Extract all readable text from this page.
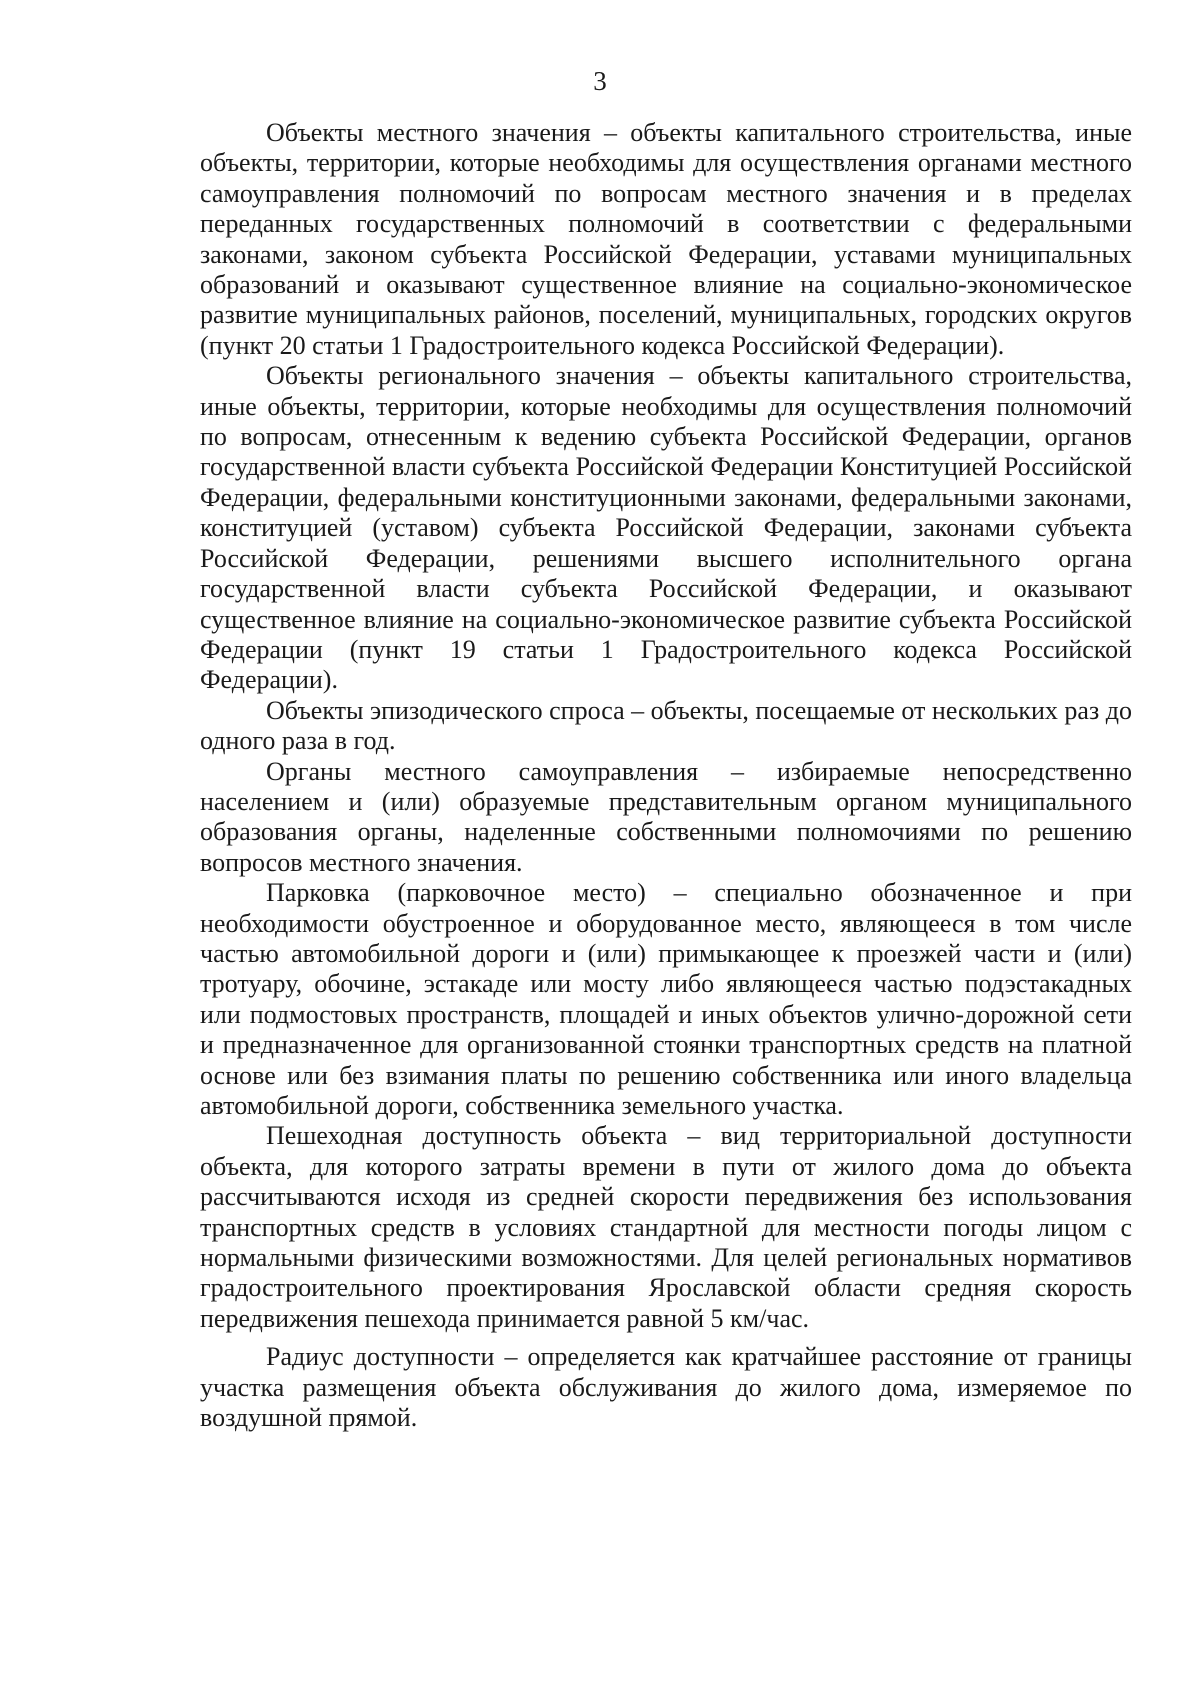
3

Объекты местного значения – объекты капитального строительства, иные объекты, территории, которые необходимы для осуществления органами местного самоуправления полномочий по вопросам местного значения и в пределах переданных государственных полномочий в соответствии с федеральными законами, законом субъекта Российской Федерации, уставами муниципальных образований и оказывают существенное влияние на социально-экономическое развитие муниципальных районов, поселений, муниципальных, городских округов (пункт 20 статьи 1 Градостроительного кодекса Российской Федерации).

Объекты регионального значения – объекты капитального строительства, иные объекты, территории, которые необходимы для осуществления полномочий по вопросам, отнесенным к ведению субъекта Российской Федерации, органов государственной власти субъекта Российской Федерации Конституцией Российской Федерации, федеральными конституционными законами, федеральными законами, конституцией (уставом) субъекта Российской Федерации, законами субъекта Российской Федерации, решениями высшего исполнительного органа государственной власти субъекта Российской Федерации, и оказывают существенное влияние на социально-экономическое развитие субъекта Российской Федерации (пункт 19 статьи 1 Градостроительного кодекса Российской Федерации).

Объекты эпизодического спроса – объекты, посещаемые от нескольких раз до одного раза в год.

Органы местного самоуправления – избираемые непосредственно населением и (или) образуемые представительным органом муниципального образования органы, наделенные собственными полномочиями по решению вопросов местного значения.

Парковка (парковочное место) – специально обозначенное и при необходимости обустроенное и оборудованное место, являющееся в том числе частью автомобильной дороги и (или) примыкающее к проезжей части и (или) тротуару, обочине, эстакаде или мосту либо являющееся частью подэстакадных или подмостовых пространств, площадей и иных объектов улично-дорожной сети и предназначенное для организованной стоянки транспортных средств на платной основе или без взимания платы по решению собственника или иного владельца автомобильной дороги, собственника земельного участка.

Пешеходная доступность объекта – вид территориальной доступности объекта, для которого затраты времени в пути от жилого дома до объекта рассчитываются исходя из средней скорости передвижения без использования транспортных средств в условиях стандартной для местности погоды лицом с нормальными физическими возможностями. Для целей региональных нормативов градостроительного проектирования Ярославской области средняя скорость передвижения пешехода принимается равной 5 км/час.

Радиус доступности – определяется как кратчайшее расстояние от границы участка размещения объекта обслуживания до жилого дома, измеряемое по воздушной прямой.
